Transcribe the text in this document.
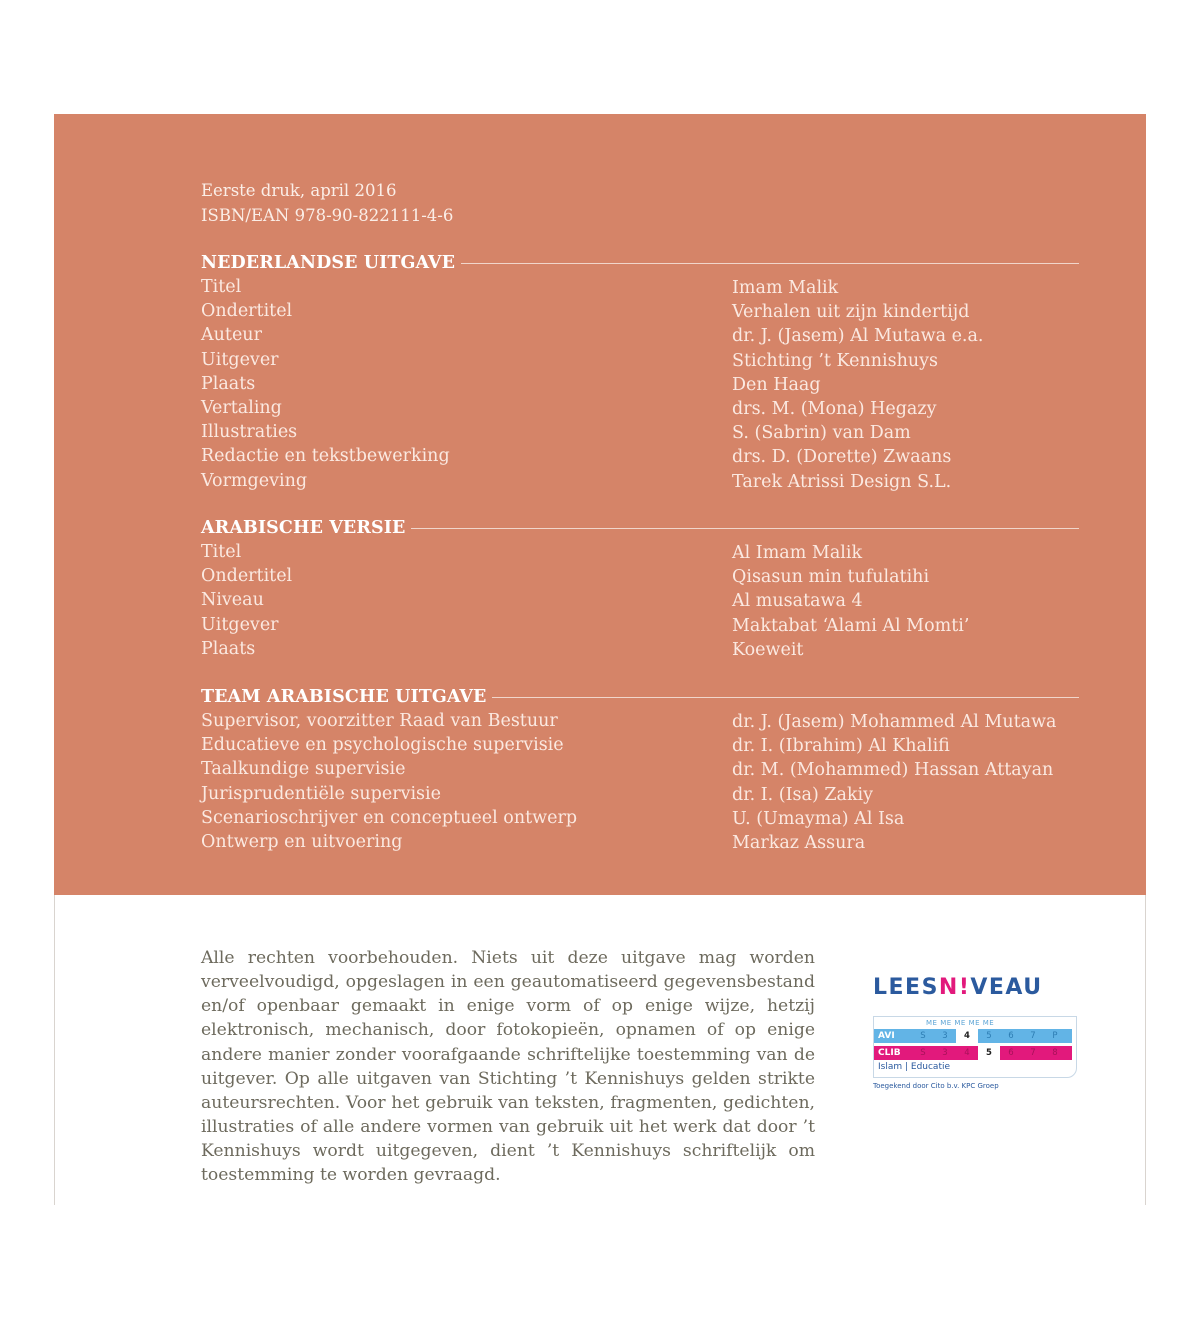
Eerste druk, april 2016
ISBN/EAN 978-90-822111-4-6
NEDERLANDSE UITGAVE
Titel	Imam Malik
Ondertitel	Verhalen uit zijn kindertijd
Auteur	dr. J. (Jasem) Al Mutawa e.a.
Uitgever	Stichting ’t Kennishuys
Plaats	Den Haag
Vertaling	drs. M. (Mona) Hegazy
Illustraties	S. (Sabrin) van Dam
Redactie en tekstbewerking	drs. D. (Dorette) Zwaans
Vormgeving	Tarek Atrissi Design S.L.
ARABISCHE VERSIE
Titel	Al Imam Malik
Ondertitel	Qisasun min tufulatihi
Niveau	Al musatawa 4
Uitgever	Maktabat ‘Alami Al Momti’
Plaats	Koeweit
TEAM ARABISCHE UITGAVE
Supervisor, voorzitter Raad van Bestuur	dr. J. (Jasem) Mohammed Al Mutawa
Educatieve en psychologische supervisie	dr. I. (Ibrahim) Al Khalifi
Taalkundige supervisie	dr. M. (Mohammed) Hassan Attayan
Jurisprudentiële supervisie	dr. I. (Isa) Zakiy
Scenarioschrijver en conceptueel ontwerp	U. (Umayma) Al Isa
Ontwerp en uitvoering	Markaz Assura

Alle rechten voorbehouden. Niets uit deze uitgave mag worden verveelvoudigd, opgeslagen in een geautomatiseerd gegevensbestand en/of openbaar gemaakt in enige vorm of op enige wijze, hetzij elektronisch, mechanisch, door fotokopieën, opnamen of op enige andere manier zonder voorafgaande schriftelijke toestemming van de uitgever. Op alle uitgaven van Stichting ’t Kennishuys gelden strikte auteursrechten. Voor het gebruik van teksten, fragmenten, gedichten, illustraties of alle andere vormen van gebruik uit het werk dat door ’t Kennishuys wordt uitgegeven, dient ’t Kennishuys schriftelijk om toestemming te worden gevraagd.

LEESN!VEAU
ME ME ME ME ME
AVI	S	3	4	5	6	7	P
CLIB	S	3	4	5	6	7	8
Islam | Educatie
Toegekend door Cito b.v. KPC Groep
